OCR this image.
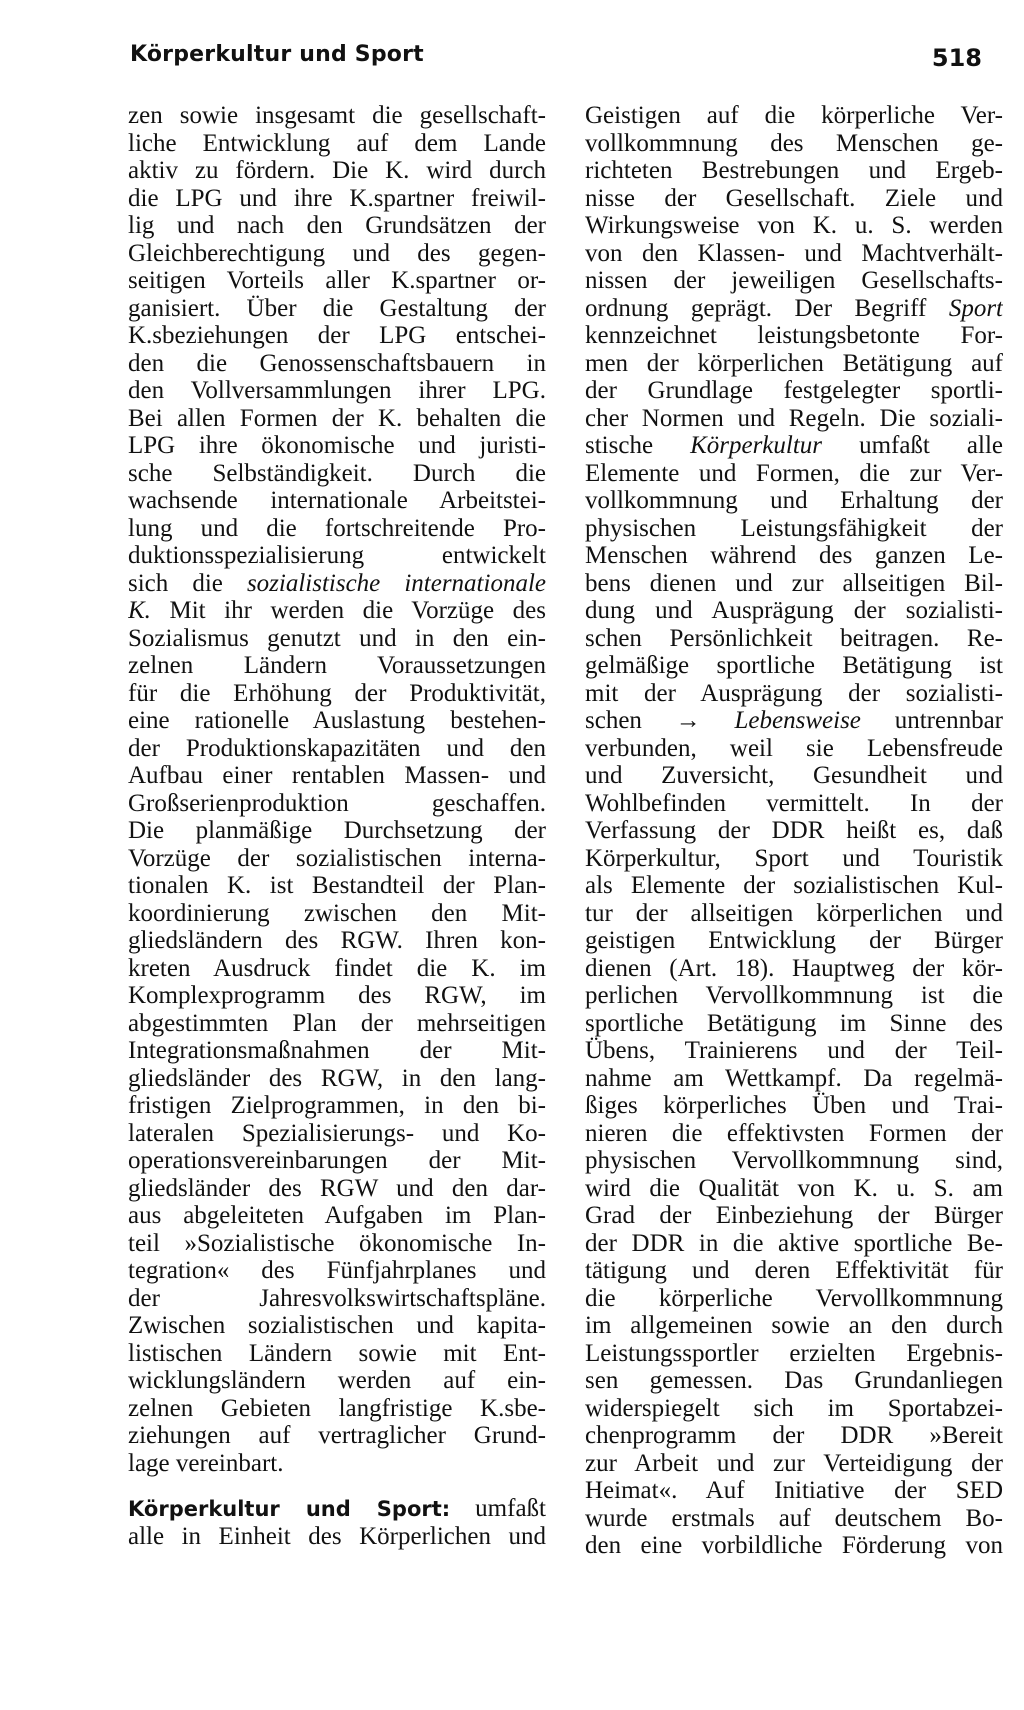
Körperkultur und Sport	518
zen sowie insgesamt die gesellschaft-
liche Entwicklung auf dem Lande
aktiv zu fördern. Die K. wird durch
die LPG und ihre K.spartner freiwil-
lig und nach den Grundsätzen der
Gleichberechtigung und des gegen-
seitigen Vorteils aller K.spartner or-
ganisiert. Über die Gestaltung der
K.sbeziehungen der LPG entschei-
den die Genossenschaftsbauern in
den Vollversammlungen ihrer LPG.
Bei allen Formen der K. behalten die
LPG ihre ökonomische und juristi-
sche Selbständigkeit. Durch die
wachsende internationale Arbeitstei-
lung und die fortschreitende Pro-
duktionsspezialisierung entwickelt
sich die sozialistische internationale
K. Mit ihr werden die Vorzüge des
Sozialismus genutzt und in den ein-
zelnen Ländern Voraussetzungen
für die Erhöhung der Produktivität,
eine rationelle Auslastung bestehen-
der Produktionskapazitäten und den
Aufbau einer rentablen Massen- und
Großserienproduktion geschaffen.
Die planmäßige Durchsetzung der
Vorzüge der sozialistischen interna-
tionalen K. ist Bestandteil der Plan-
koordinierung zwischen den Mit-
gliedsländern des RGW. Ihren kon-
kreten Ausdruck findet die K. im
Komplexprogramm des RGW, im
abgestimmten Plan der mehrseitigen
Integrationsmaßnahmen der Mit-
gliedsländer des RGW, in den lang-
fristigen Zielprogrammen, in den bi-
lateralen Spezialisierungs- und Ko-
operationsvereinbarungen der Mit-
gliedsländer des RGW und den dar-
aus abgeleiteten Aufgaben im Plan-
teil »Sozialistische ökonomische In-
tegration« des Fünfjahrplanes und
der Jahresvolkswirtschaftspläne.
Zwischen sozialistischen und kapita-
listischen Ländern sowie mit Ent-
wicklungsländern werden auf ein-
zelnen Gebieten langfristige K.sbe-
ziehungen auf vertraglicher Grund-
lage vereinbart.
Körperkultur und Sport: umfaßt
alle in Einheit des Körperlichen und
Geistigen auf die körperliche Ver-
vollkommnung des Menschen ge-
richteten Bestrebungen und Ergeb-
nisse der Gesellschaft. Ziele und
Wirkungsweise von K. u. S. werden
von den Klassen- und Machtverhält-
nissen der jeweiligen Gesellschafts-
ordnung geprägt. Der Begriff Sport
kennzeichnet leistungsbetonte For-
men der körperlichen Betätigung auf
der Grundlage festgelegter sportli-
cher Normen und Regeln. Die soziali-
stische Körperkultur umfaßt alle
Elemente und Formen, die zur Ver-
vollkommnung und Erhaltung der
physischen Leistungsfähigkeit der
Menschen während des ganzen Le-
bens dienen und zur allseitigen Bil-
dung und Ausprägung der sozialisti-
schen Persönlichkeit beitragen. Re-
gelmäßige sportliche Betätigung ist
mit der Ausprägung der sozialisti-
schen → Lebensweise untrennbar
verbunden, weil sie Lebensfreude
und Zuversicht, Gesundheit und
Wohlbefinden vermittelt. In der
Verfassung der DDR heißt es, daß
Körperkultur, Sport und Touristik
als Elemente der sozialistischen Kul-
tur der allseitigen körperlichen und
geistigen Entwicklung der Bürger
dienen (Art. 18). Hauptweg der kör-
perlichen Vervollkommnung ist die
sportliche Betätigung im Sinne des
Übens, Trainierens und der Teil-
nahme am Wettkampf. Da regelmä-
ßiges körperliches Üben und Trai-
nieren die effektivsten Formen der
physischen Vervollkommnung sind,
wird die Qualität von K. u. S. am
Grad der Einbeziehung der Bürger
der DDR in die aktive sportliche Be-
tätigung und deren Effektivität für
die körperliche Vervollkommnung
im allgemeinen sowie an den durch
Leistungssportler erzielten Ergebnis-
sen gemessen. Das Grundanliegen
widerspiegelt sich im Sportabzei-
chenprogramm der DDR »Bereit
zur Arbeit und zur Verteidigung der
Heimat«. Auf Initiative der SED
wurde erstmals auf deutschem Bo-
den eine vorbildliche Förderung von
